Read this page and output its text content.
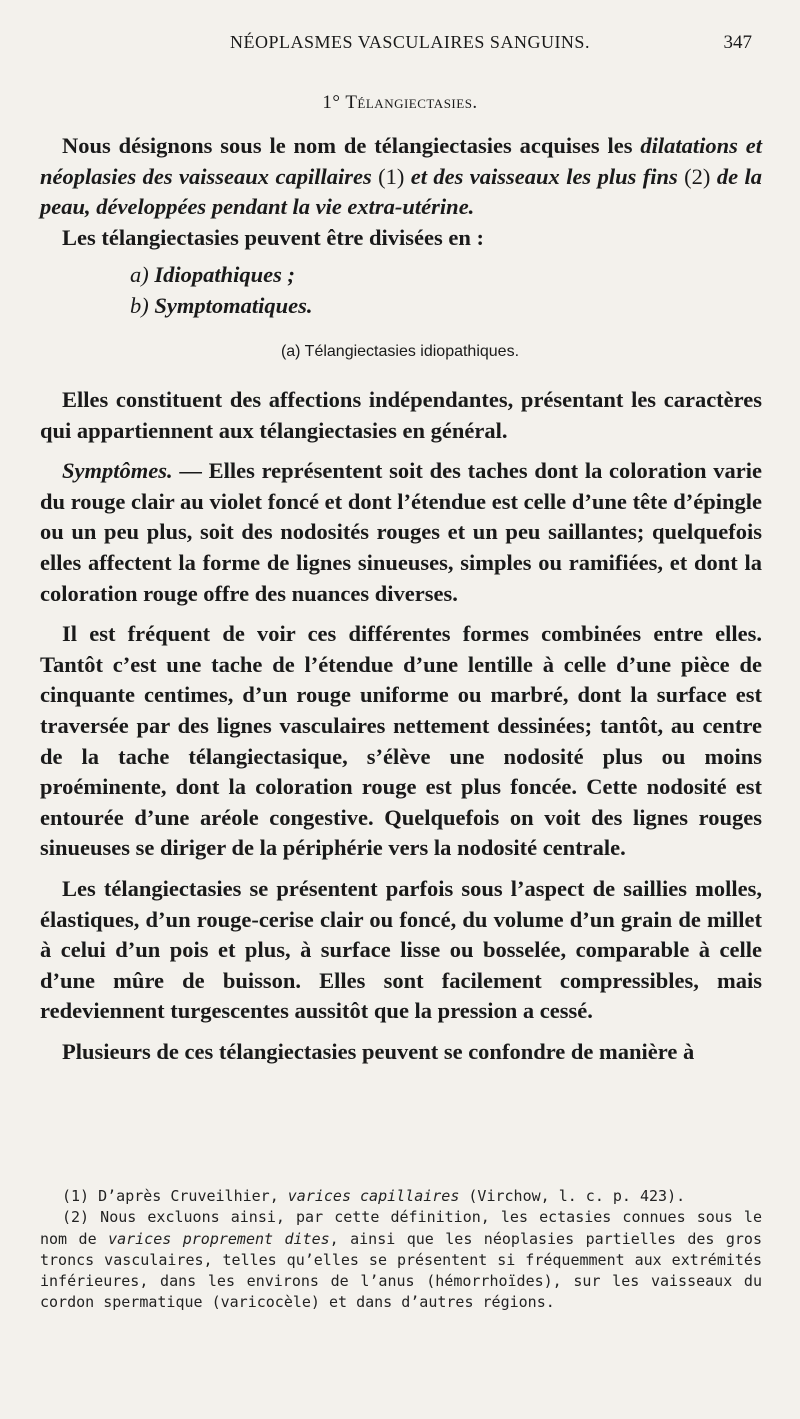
NÉOPLASMES VASCULAIRES SANGUINS.	347
1° Télangiectasies.

Nous désignons sous le nom de télangiectasies acquises les dilatations et néoplasies des vaisseaux capillaires (1) et des vaisseaux les plus fins (2) de la peau, développées pendant la vie extra-utérine.

Les télangiectasies peuvent être divisées en :

a) Idiopathiques ;
b) Symptomatiques.
(a) Télangiectasies idiopathiques.

Elles constituent des affections indépendantes, présentant les caractères qui appartiennent aux télangiectasies en général.

Symptômes. — Elles représentent soit des taches dont la coloration varie du rouge clair au violet foncé et dont l’étendue est celle d’une tête d’épingle ou un peu plus, soit des nodosités rouges et un peu saillantes; quelquefois elles affectent la forme de lignes sinueuses, simples ou ramifiées, et dont la coloration rouge offre des nuances diverses.

Il est fréquent de voir ces différentes formes combinées entre elles. Tantôt c’est une tache de l’étendue d’une lentille à celle d’une pièce de cinquante centimes, d’un rouge uniforme ou marbré, dont la surface est traversée par des lignes vasculaires nettement dessinées; tantôt, au centre de la tache télangiectasique, s’élève une nodosité plus ou moins proéminente, dont la coloration rouge est plus foncée. Cette nodosité est entourée d’une aréole congestive. Quelquefois on voit des lignes rouges sinueuses se diriger de la périphérie vers la nodosité centrale.

Les télangiectasies se présentent parfois sous l’aspect de saillies molles, élastiques, d’un rouge-cerise clair ou foncé, du volume d’un grain de millet à celui d’un pois et plus, à surface lisse ou bosselée, comparable à celle d’une mûre de buisson. Elles sont facilement compressibles, mais redeviennent turgescentes aussitôt que la pression a cessé.

Plusieurs de ces télangiectasies peuvent se confondre de manière à

(1) D’après Cruveilhier, varices capillaires (Virchow, l. c. p. 423).

(2) Nous excluons ainsi, par cette définition, les ectasies connues sous le nom de varices proprement dites, ainsi que les néoplasies partielles des gros troncs vasculaires, telles qu’elles se présentent si fréquemment aux extrémités inférieures, dans les environs de l’anus (hémorrhoïdes), sur les vaisseaux du cordon spermatique (varicocèle) et dans d’autres régions.
